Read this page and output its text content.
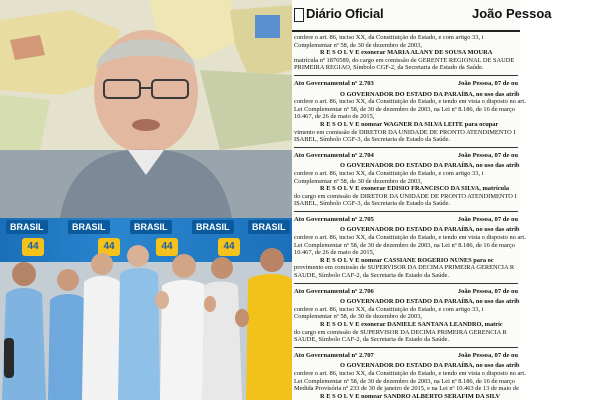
BRASIL	BRASIL	BRASIL	BRASIL	BRASIL
44	44	44	44
Diário Oficial	João Pessoa
confere o art. 86, inciso XX, da Constituição do Estado, e com artigo 33, i
Complementar nº 58, de 30 de dezembro de 2003,
R E S O L V E exonerar MARIA ALANY DE SOUSA MOURA
matrícula nº 1876589, do cargo em comissão de GERENTE REGIONAL DE SAUDE
PRIMEIRA REGIAO, Símbolo CGF-2, da Secretaria de Estado da Saúde.
Ato Governamental nº 2.703	João Pessoa, 07 de ou
O GOVERNADOR DO ESTADO DA PARAÍBA, no uso das atrib
confere o art. 86, inciso XX, da Constituição do Estado, e tendo em vista o disposto no art.
Lei Complementar nº 58, de 30 de dezembro de 2003, na Lei nº 8.186, de 16 de março
10.467, de 26 de maio de 2015,
R E S O L V E nomear WAGNER DA SILVA LEITE para ocupar
vimento em comissão de DIRETOR DA UNIDADE DE PRONTO ATENDIMENTO I
ISABEL, Símbolo CGF-3, da Secretaria de Estado da Saúde.
Ato Governamental nº 2.704	João Pessoa, 07 de ou
O GOVERNADOR DO ESTADO DA PARAÍBA, no uso das atrib
confere o art. 86, inciso XX, da Constituição do Estado, e com artigo 33, i
Complementar nº 58, de 30 de dezembro de 2003,
R E S O L V E exonerar EDISIO FRANCISCO DA SILVA, matrícula
do cargo em comissão de DIRETOR DA UNIDADE DE PRONTO ATENDIMENTO I
ISABEL, Símbolo CGF-3, da Secretaria de Estado da Saúde.
Ato Governamental nº 2.705	João Pessoa, 07 de ou
O GOVERNADOR DO ESTADO DA PARAÍBA, no uso das atrib
confere o art. 86, inciso XX, da Constituição do Estado, e tendo em vista o disposto no art.
Lei Complementar nº 58, de 30 de dezembro de 2003, na Lei nº 8.186, de 16 de março
10.467, de 26 de maio de 2015,
R E S O L V E nomear CASSIANE ROGERIO NUNES para oc
provimento em comissão de SUPERVISOR DA DECIMA PRIMEIRA GERENCIA R
SAUDE, Símbolo CAF-2, da Secretaria de Estado da Saúde.
Ato Governamental nº 2.706	João Pessoa, 07 de ou
O GOVERNADOR DO ESTADO DA PARAÍBA, no uso das atrib
confere o art. 86, inciso XX, da Constituição do Estado, e com artigo 33, i
Complementar nº 58, de 30 de dezembro de 2003,
R E S O L V E exonerar DANIELE SANTANA LEANDRO, matríc
do cargo em comissão de SUPERVISOR DA DECIMA PRIMEIRA GERENCIA R
SAUDE, Símbolo CAF-2, da Secretaria de Estado da Saúde.
Ato Governamental nº 2.707	João Pessoa, 07 de ou
O GOVERNADOR DO ESTADO DA PARAÍBA, no uso das atrib
confere o art. 86, inciso XX, da Constituição do Estado, e tendo em vista o disposto no art.
Lei Complementar nº 58, de 30 de dezembro de 2003, na Lei nº 8.186, de 16 de março
Medida Provisória nº 233 de 30 de janeiro de 2015, e na Lei nº 10.463 de 13 de maio de
R E S O L V E nomear SANDRO ALBERTO SERAFIM DA SILV
